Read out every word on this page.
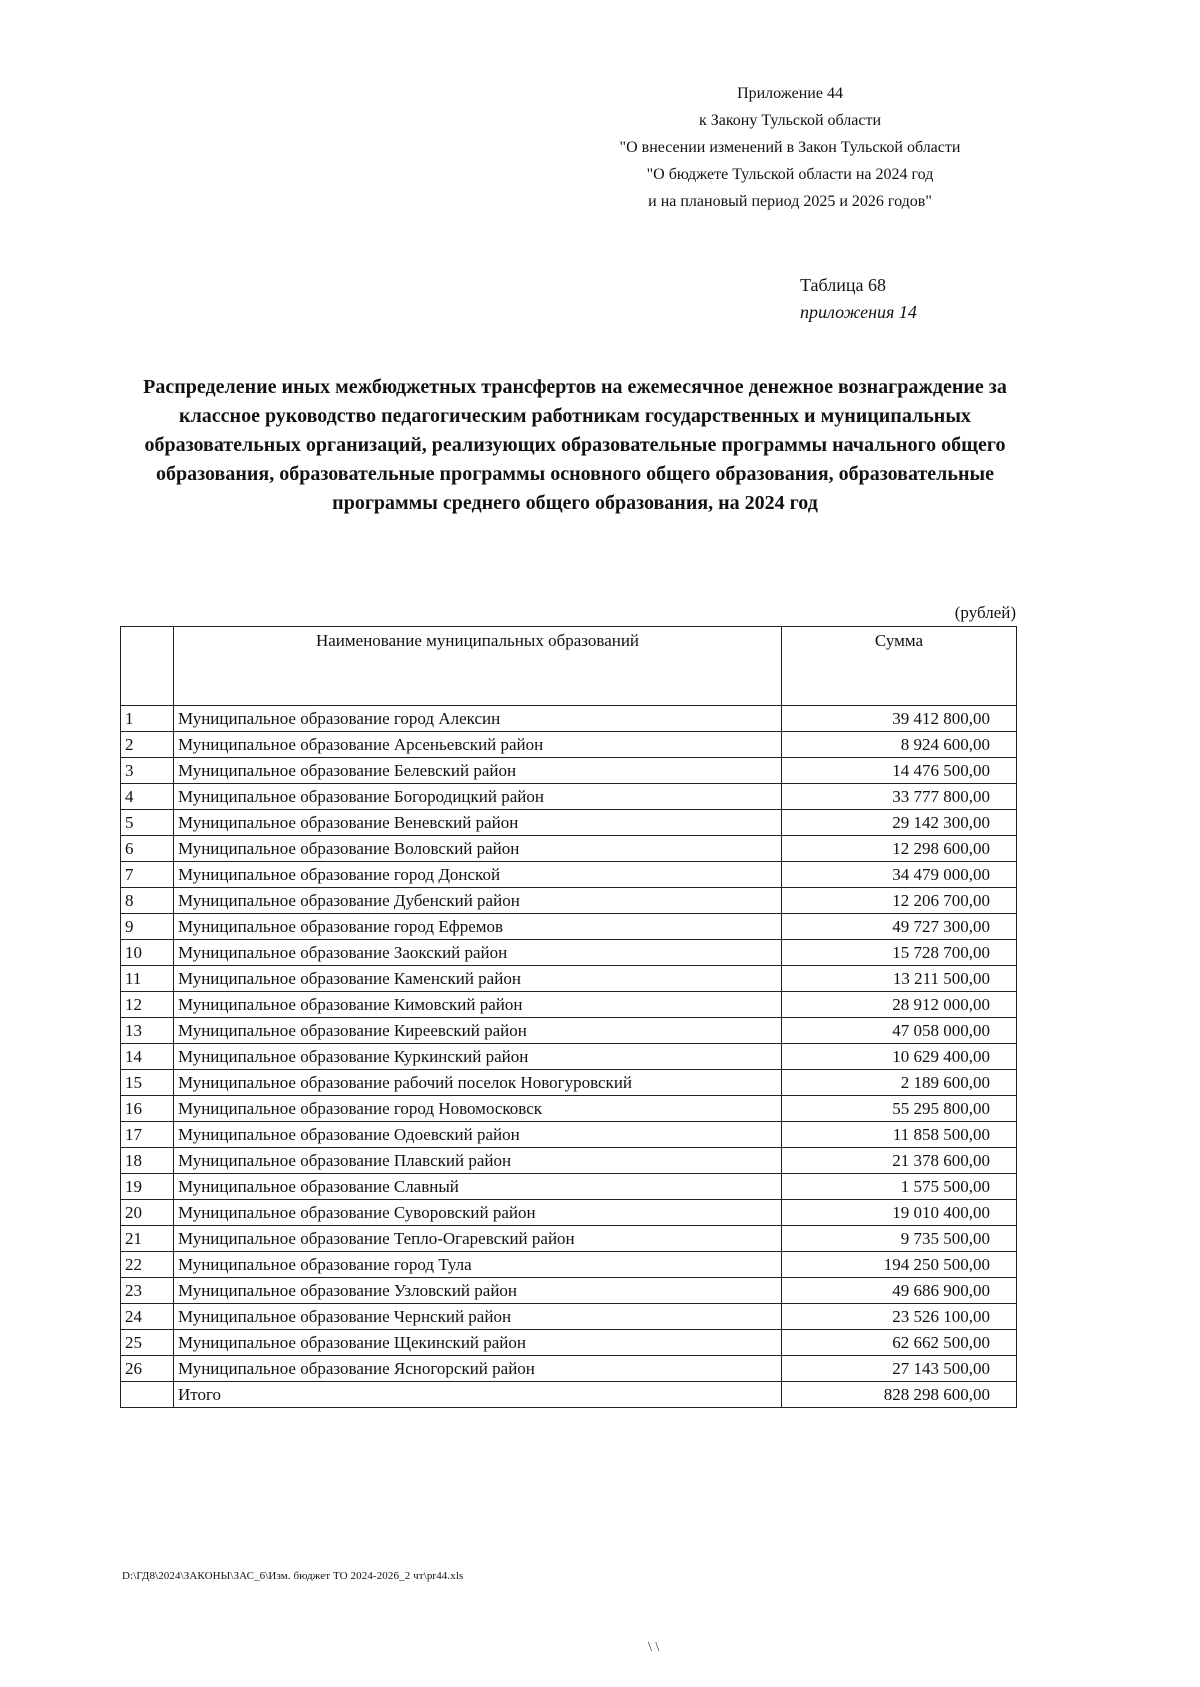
Приложение 44
к Закону Тульской области
"О внесении изменений в Закон Тульской области
"О бюджете Тульской области на 2024 год
и на плановый период 2025 и 2026 годов"
Таблица 68
приложения 14
Распределение иных межбюджетных трансфертов на ежемесячное денежное вознаграждение за классное руководство педагогическим работникам государственных и муниципальных образовательных организаций, реализующих образовательные программы начального общего образования, образовательные программы основного общего образования, образовательные программы среднего общего образования, на 2024 год
(рублей)
	Наименование муниципальных образований	Сумма
1	Муниципальное образование город Алексин	39 412 800,00
2	Муниципальное образование Арсеньевский район	8 924 600,00
3	Муниципальное образование Белевский район	14 476 500,00
4	Муниципальное образование Богородицкий район	33 777 800,00
5	Муниципальное образование Веневский район	29 142 300,00
6	Муниципальное образование Воловский район	12 298 600,00
7	Муниципальное образование город Донской	34 479 000,00
8	Муниципальное образование Дубенский район	12 206 700,00
9	Муниципальное образование город Ефремов	49 727 300,00
10	Муниципальное образование Заокский район	15 728 700,00
11	Муниципальное образование Каменский район	13 211 500,00
12	Муниципальное образование Кимовский район	28 912 000,00
13	Муниципальное образование Киреевский район	47 058 000,00
14	Муниципальное образование Куркинский район	10 629 400,00
15	Муниципальное образование рабочий поселок Новогуровский	2 189 600,00
16	Муниципальное образование город Новомосковск	55 295 800,00
17	Муниципальное образование Одоевский район	11 858 500,00
18	Муниципальное образование Плавский район	21 378 600,00
19	Муниципальное образование Славный	1 575 500,00
20	Муниципальное образование Суворовский район	19 010 400,00
21	Муниципальное образование Тепло-Огаревский район	9 735 500,00
22	Муниципальное образование город Тула	194 250 500,00
23	Муниципальное образование Узловский район	49 686 900,00
24	Муниципальное образование Чернский район	23 526 100,00
25	Муниципальное образование Щекинский район	62 662 500,00
26	Муниципальное образование Ясногорский район	27 143 500,00
	Итого	828 298 600,00
D:\ГД8\2024\ЗАКОНЫ\ЗАС_6\Изм. бюджет ТО 2024-2026_2 чт\pr44.xls
\ \
